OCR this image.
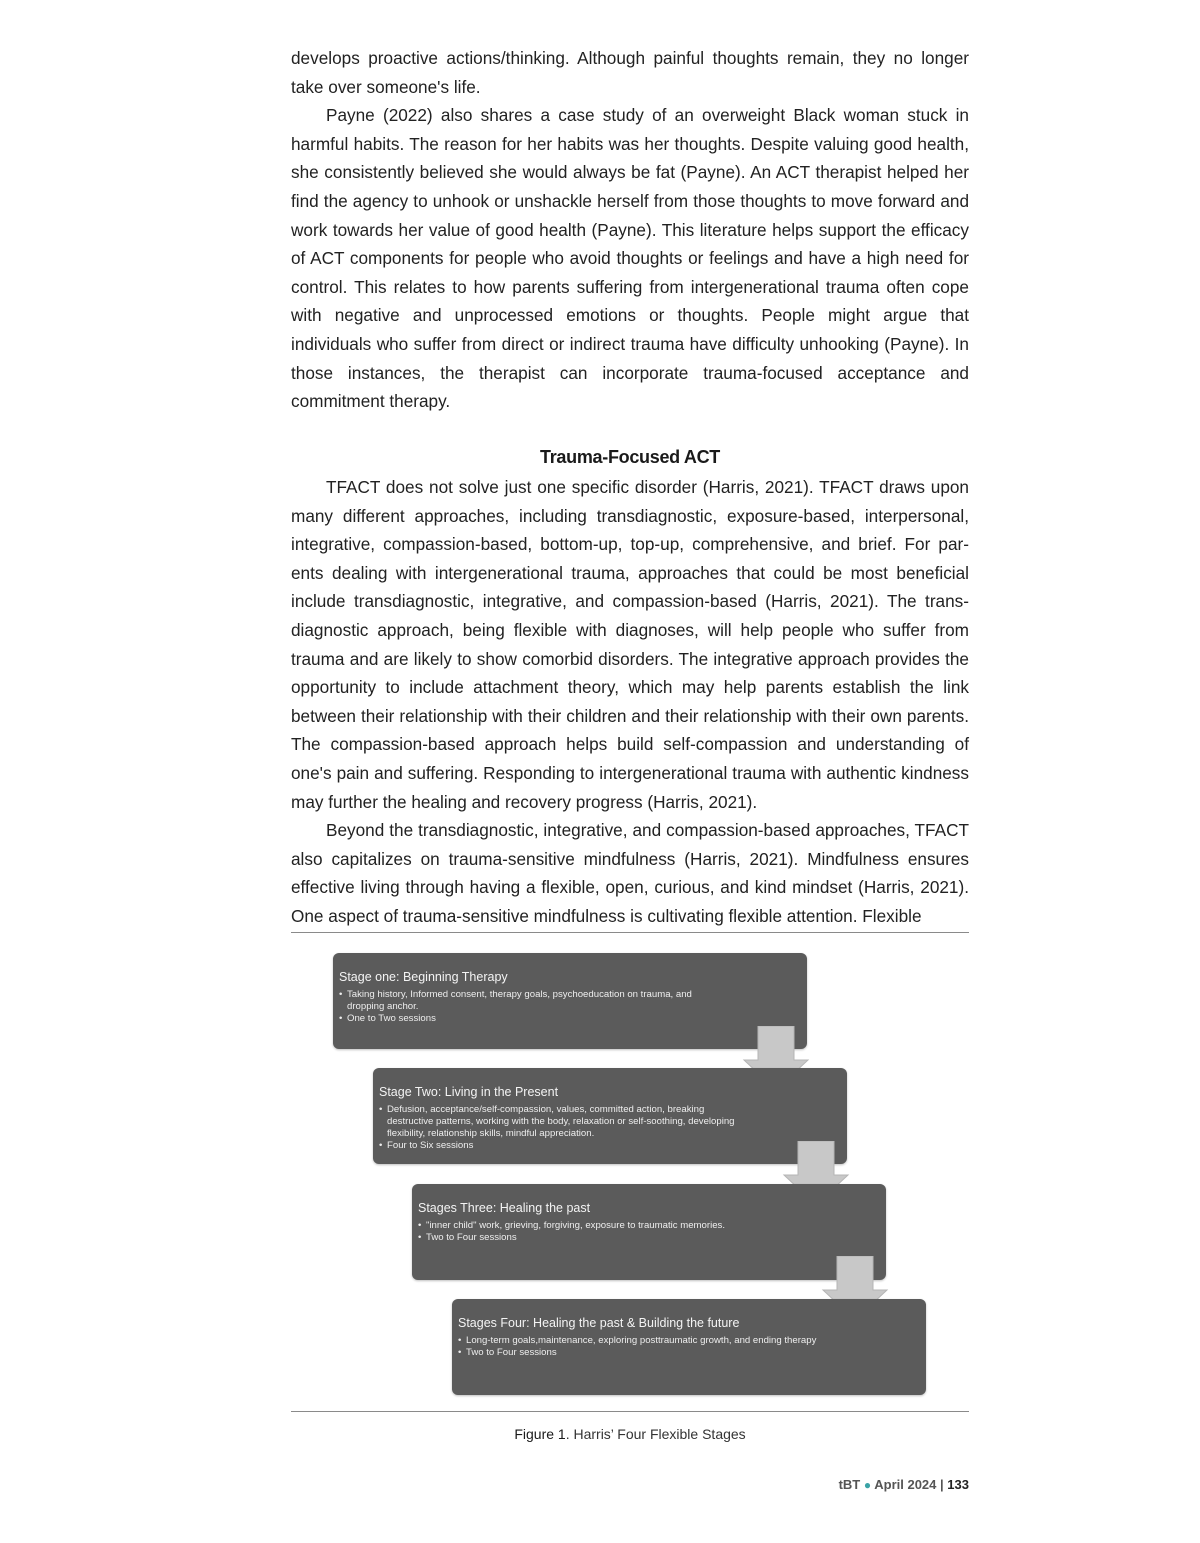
develops proactive actions/thinking. Although painful thoughts remain, they no longer take over someone's life.

Payne (2022) also shares a case study of an overweight Black woman stuck in harmful habits. The reason for her habits was her thoughts. Despite valuing good health, she consistently believed she would always be fat (Payne). An ACT therapist helped her find the agency to unhook or unshackle herself from those thoughts to move forward and work towards her value of good health (Payne). This literature helps support the efficacy of ACT components for people who avoid thoughts or feelings and have a high need for control. This relates to how parents suffering from intergenerational trauma often cope with negative and unprocessed emotions or thoughts. People might argue that individuals who suffer from direct or indirect trauma have difficulty unhooking (Payne). In those instances, the therapist can incorporate trauma-focused acceptance and commitment therapy.

Trauma-Focused ACT

TFACT does not solve just one specific disorder (Harris, 2021). TFACT draws upon many different approaches, including transdiagnostic, exposure-based, interpersonal, integrative, compassion-based, bottom-up, top-up, comprehensive, and brief. For parents dealing with intergenerational trauma, approaches that could be most beneficial include transdiagnostic, integrative, and compassion-based (Harris, 2021). The transdiagnostic approach, being flexible with diagnoses, will help people who suffer from trauma and are likely to show comorbid disorders. The integrative approach provides the opportunity to include attachment theory, which may help parents establish the link between their relationship with their children and their relationship with their own parents. The compassion-based approach helps build self-compassion and understanding of one's pain and suffering. Responding to intergenerational trauma with authentic kindness may further the healing and recovery progress (Harris, 2021).

Beyond the transdiagnostic, integrative, and compassion-based approaches, TFACT also capitalizes on trauma-sensitive mindfulness (Harris, 2021). Mindfulness ensures effective living through having a flexible, open, curious, and kind mindset (Harris, 2021). One aspect of trauma-sensitive mindfulness is cultivating flexible attention. Flexible

Stage one: Beginning Therapy
• Taking history, Informed consent, therapy goals, psychoeducation on trauma, and dropping anchor.
• One to Two sessions
Stage Two: Living in the Present
• Defusion, acceptance/self-compassion, values, committed action, breaking destructive patterns, working with the body, relaxation or self-soothing, developing flexibility, relationship skills, mindful appreciation.
• Four to Six sessions
Stages Three: Healing the past
• "inner child" work, grieving, forgiving, exposure to traumatic memories.
• Two to Four sessions
Stages Four: Healing the past & Building the future
• Long-term goals,maintenance, exploring posttraumatic growth, and ending therapy
• Two to Four sessions
Figure 1. Harris’ Four Flexible Stages
tBT ● April 2024 | 133
